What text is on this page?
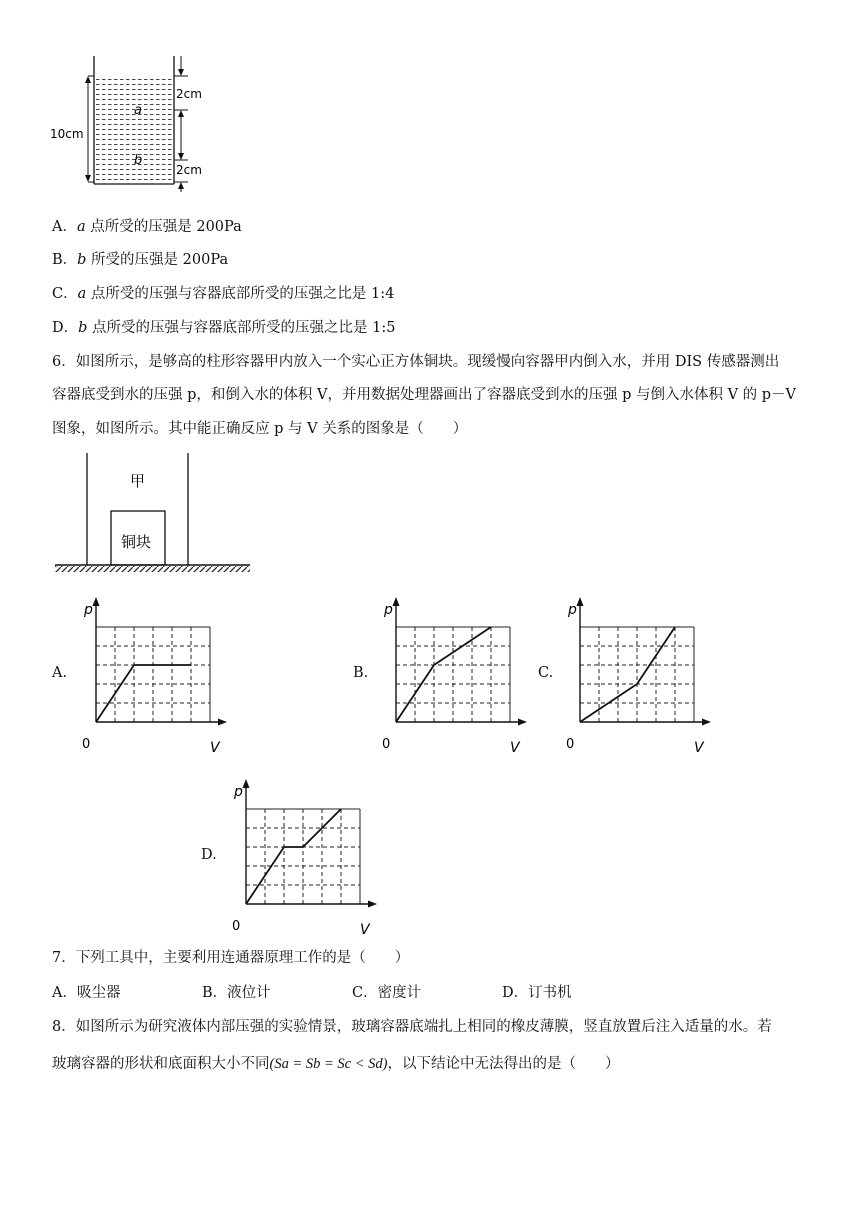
2cm
2cm
10cm
a
b
A．a 点所受的压强是 200Pa
B．b 所受的压强是 200Pa
C．a 点所受的压强与容器底部所受的压强之比是 1:4
D．b 点所受的压强与容器底部所受的压强之比是 1:5
6．如图所示，是够高的柱形容器甲内放入一个实心正方体铜块。现缓慢向容器甲内倒入水，并用 DIS 传感器测出
容器底受到水的压强 p，和倒入水的体积 V，并用数据处理器画出了容器底受到水的压强 p 与倒入水体积 V 的 p－V
图象，如图所示。其中能正确反应 p 与 V 关系的图象是（　　）
甲
铜块
A.	B.	C.
D.
p
V
0
p
V
0
p
V
0
p
V
0
7．下列工具中，主要利用连通器原理工作的是（　　）
A．吸尘器	B．液位计	C．密度计	D．订书机
8．如图所示为研究液体内部压强的实验情景，玻璃容器底端扎上相同的橡皮薄膜，竖直放置后注入适量的水。若
玻璃容器的形状和底面积大小不同(Sa = Sb = Sc < Sd)，以下结论中无法得出的是（　　）
